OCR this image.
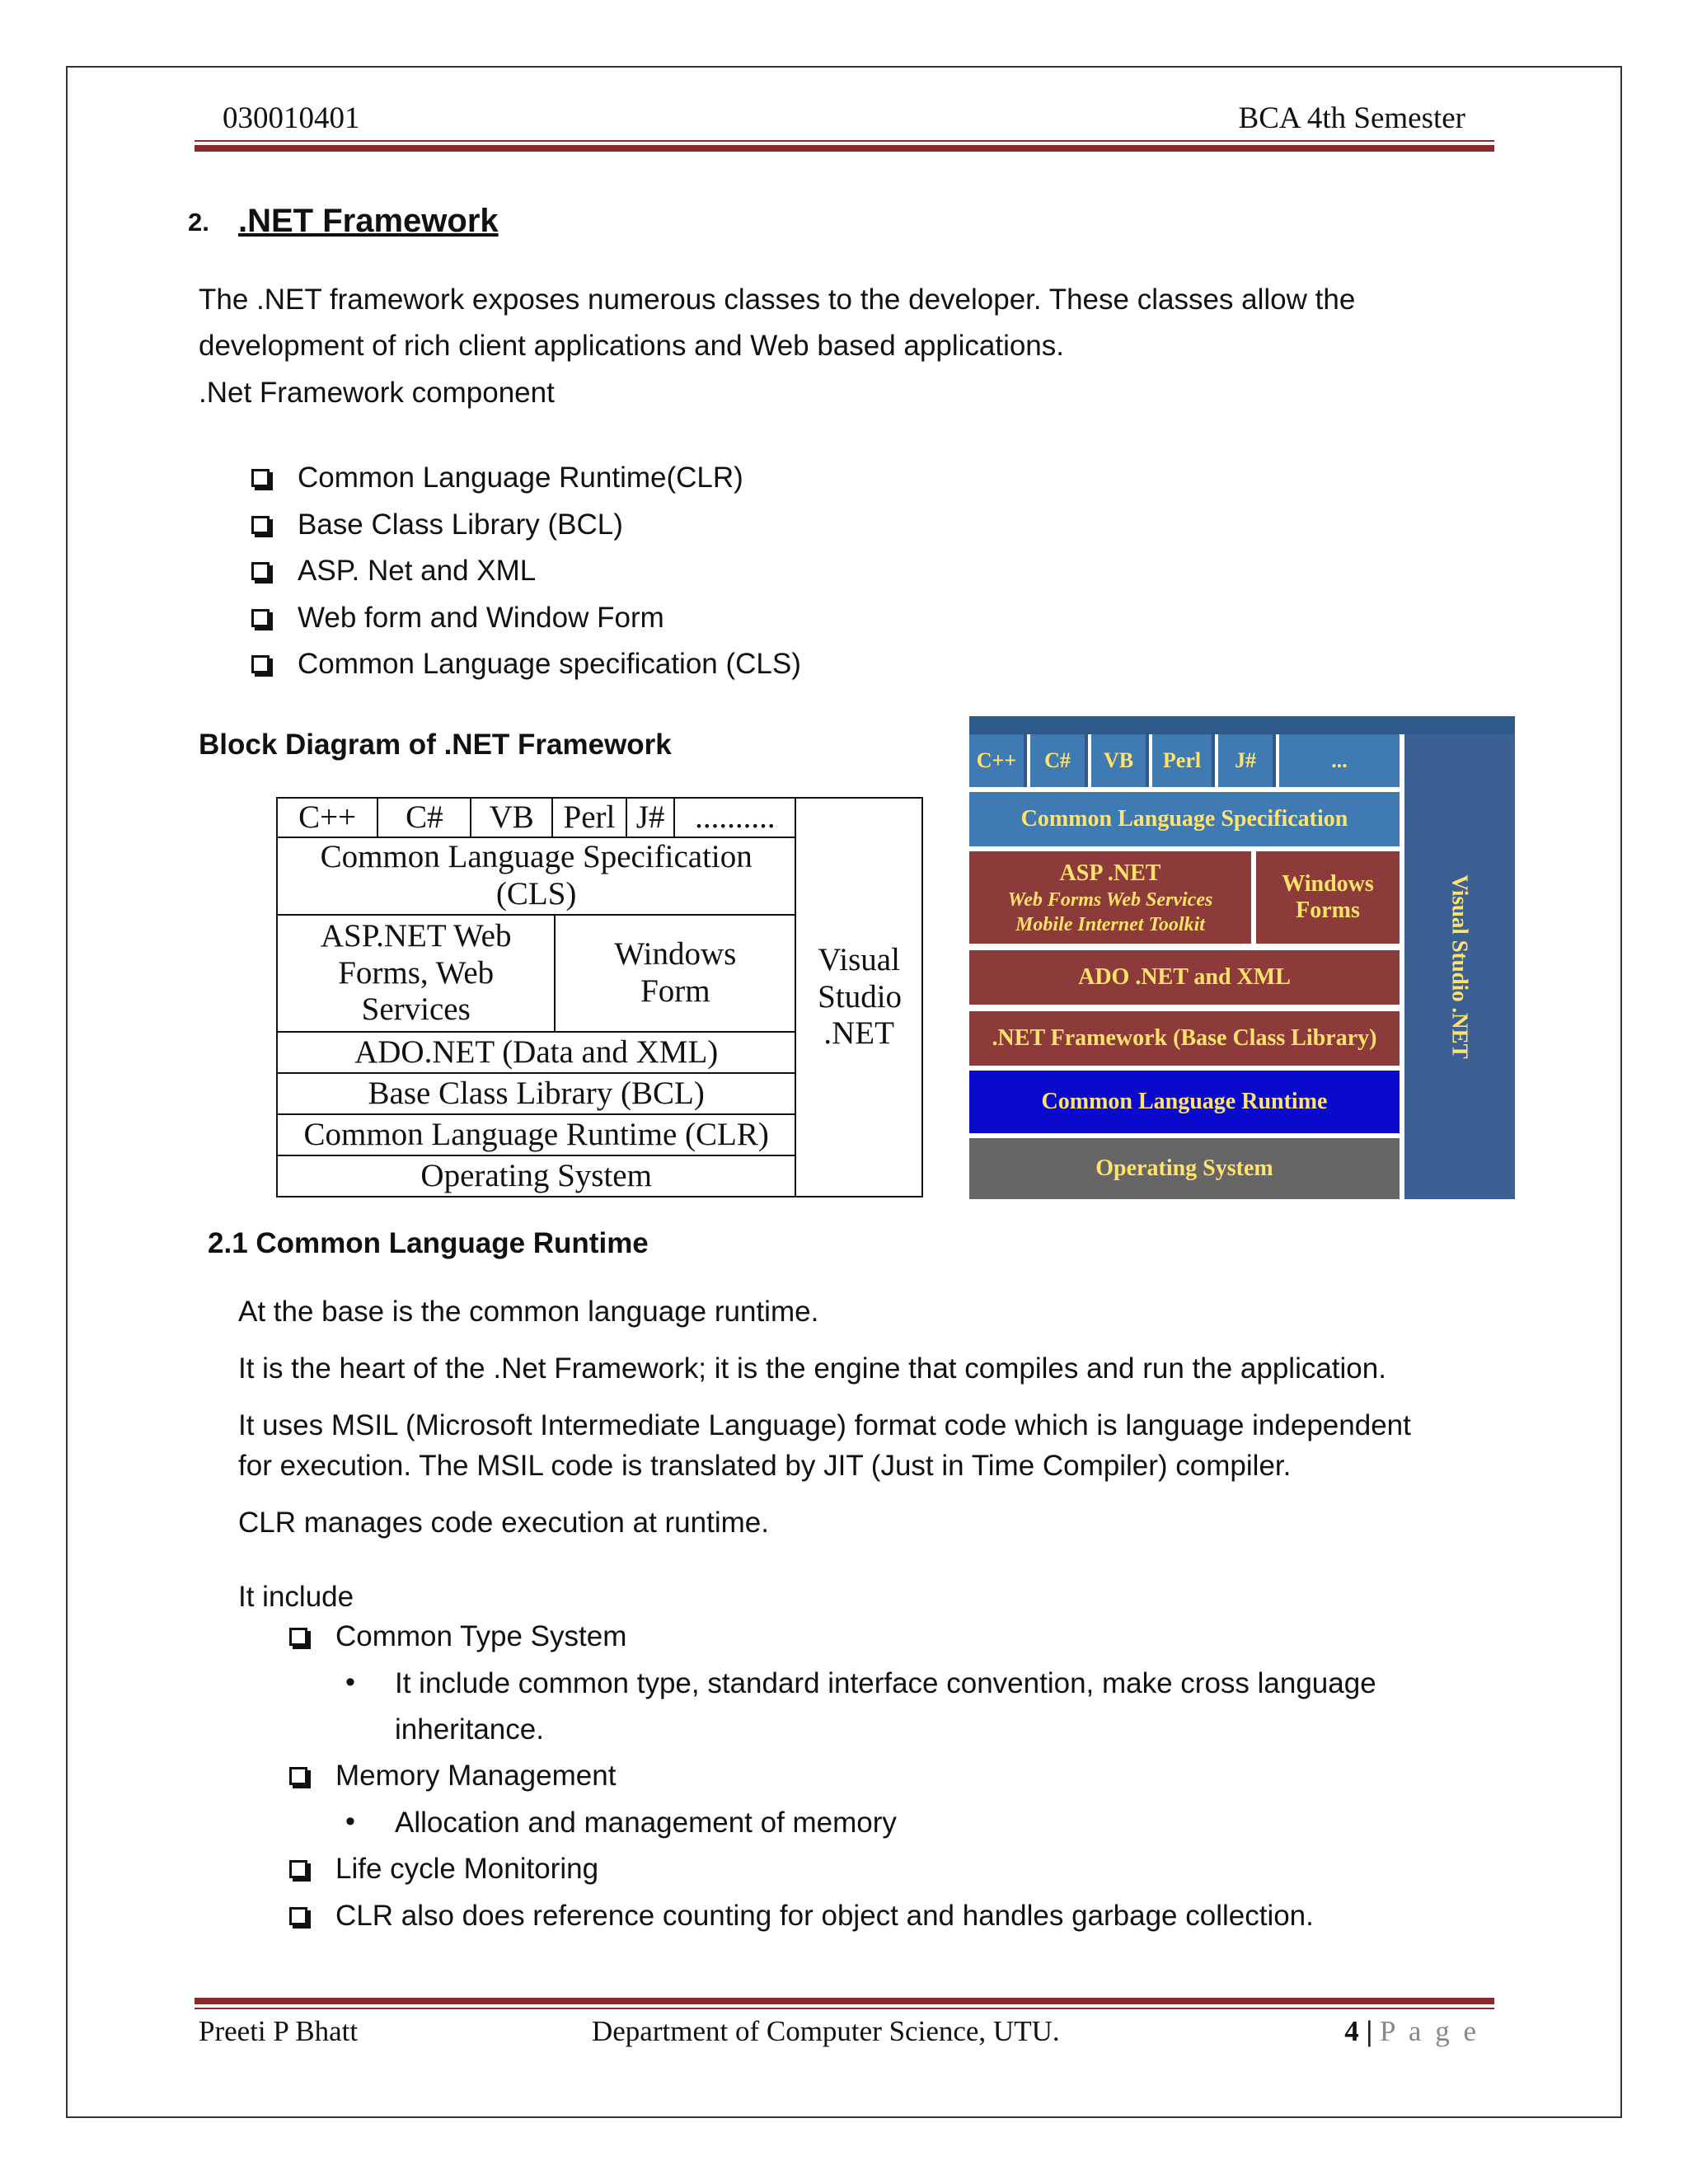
030010401	BCA 4th Semester
2. .NET Framework
The .NET framework exposes numerous classes to the developer. These classes allow the
development of rich client applications and Web based applications.
.Net Framework component
Common Language Runtime(CLR)
Base Class Library (BCL)
ASP. Net and XML
Web form and Window Form
Common Language specification (CLS)
Block Diagram of .NET Framework
C++	C#	VB	Perl		J#	..........	Visual Studio .NET

Common Language Specification (CLS)							

ASP.NET Web Forms, Web Services				Windows Form			

ADO.NET (Data and XML)							
Base Class Library (BCL)							
Common Language Runtime (CLR)							
Operating System							
C++	C#	VB	Perl	J#	...
Common Language Specification
ASP .NET
Web Forms Web Services
Mobile Internet Toolkit
Windows Forms
ADO .NET and XML
.NET Framework (Base Class Library)
Common Language Runtime
Operating System
Visual Studio .NET
2.1 Common Language Runtime
At the base is the common language runtime.
It is the heart of the .Net Framework; it is the engine that compiles and run the application.
It uses MSIL (Microsoft Intermediate Language) format code which is language independent
for execution. The MSIL code is translated by JIT (Just in Time Compiler) compiler.
CLR manages code execution at runtime.
It include
Common Type System
• It include common type, standard interface convention, make cross language
inheritance.
Memory Management
• Allocation and management of memory
Life cycle Monitoring
CLR also does reference counting for object and handles garbage collection.
Preeti P Bhatt	Department of Computer Science, UTU.	4 | P a g e
